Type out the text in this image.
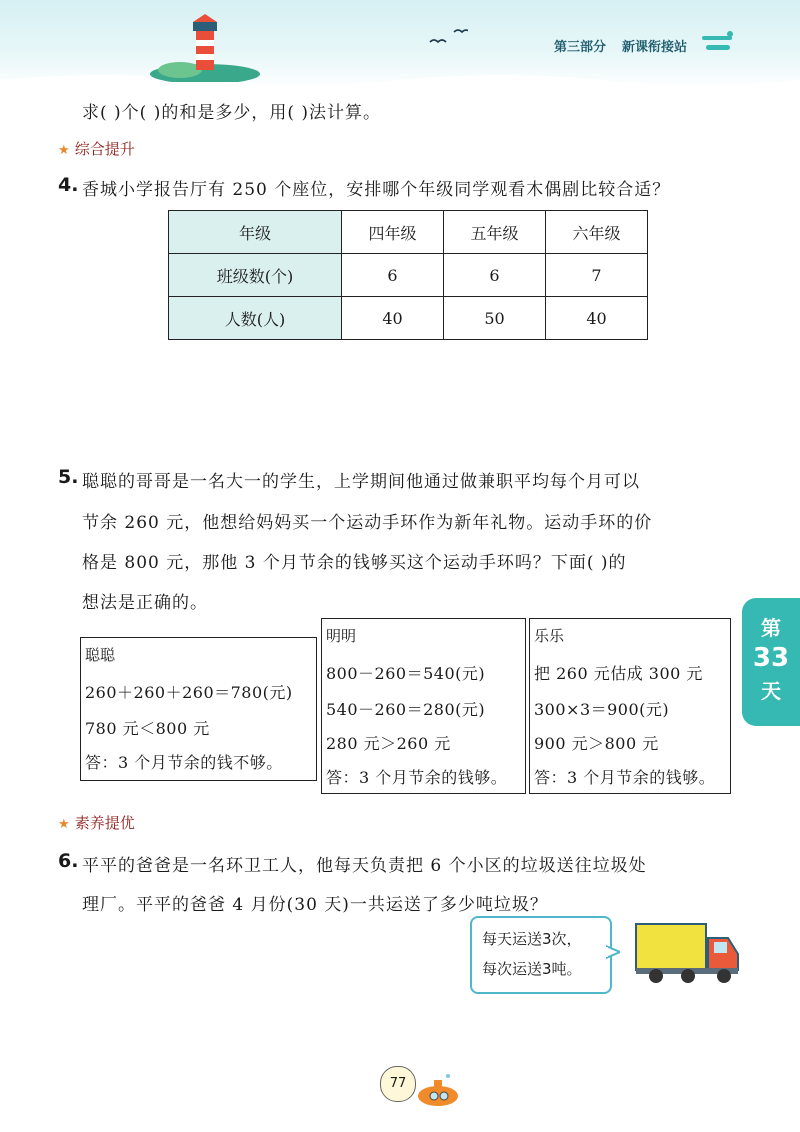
第三部分 新课衔接站
求( )个( )的和是多少，用( )法计算。
★ 综合提升
4. 香城小学报告厅有 250 个座位，安排哪个年级同学观看木偶剧比较合适？
年级	四年级	五年级	六年级
班级数(个)	6	6	7
人数(人)	40	50	40
5. 聪聪的哥哥是一名大一的学生，上学期间他通过做兼职平均每个月可以
节余 260 元，他想给妈妈买一个运动手环作为新年礼物。运动手环的价
格是 800 元，那他 3 个月节余的钱够买这个运动手环吗？下面( )的
想法是正确的。
聪聪
260＋260＋260＝780(元)
780 元＜800 元
答：3 个月节余的钱不够。
明明
800－260＝540(元)
540－260＝280(元)
280 元＞260 元
答：3 个月节余的钱够。
乐乐
把 260 元估成 300 元
300×3＝900(元)
900 元＞800 元
答：3 个月节余的钱够。
第
33
天
★ 素养提优
6. 平平的爸爸是一名环卫工人，他每天负责把 6 个小区的垃圾送往垃圾处
理厂。平平的爸爸 4 月份(30 天)一共运送了多少吨垃圾？
每天运送3次，
每次运送3吨。
77
